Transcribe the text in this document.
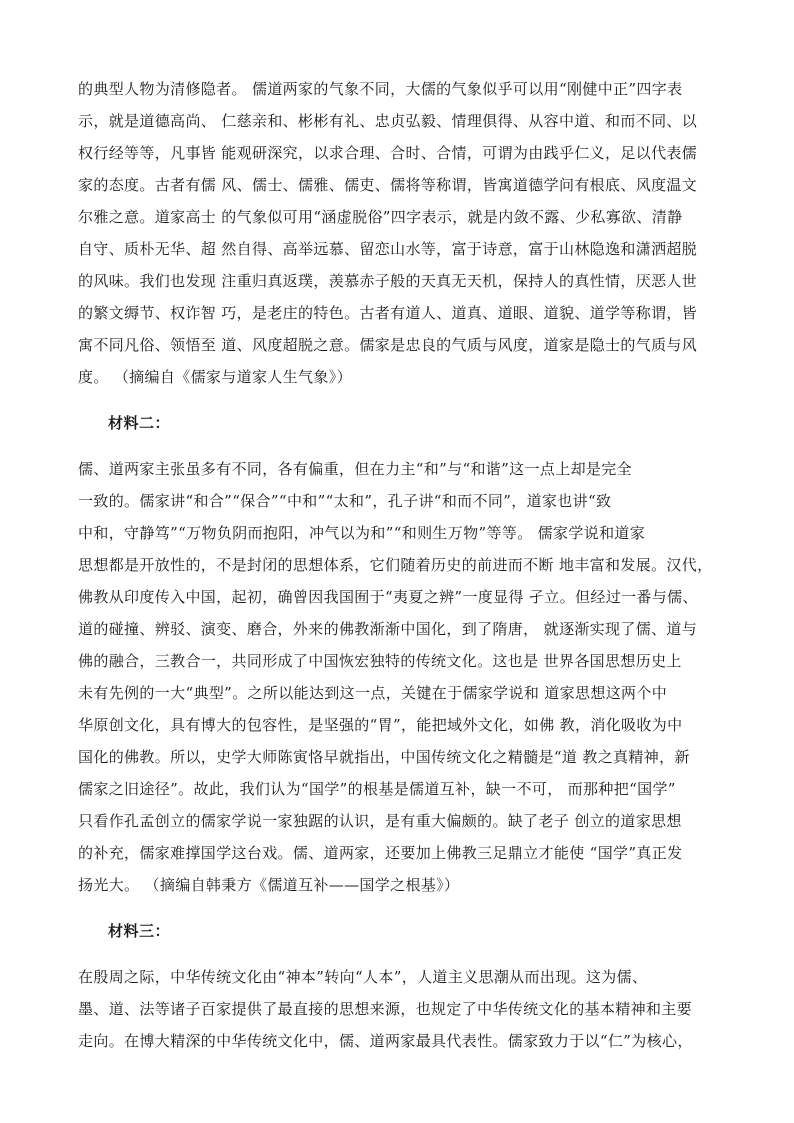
的典型人物为清修隐者。 儒道两家的气象不同，大儒的气象似乎可以用“刚健中正”四字表
示，就是道德高尚、 仁慈亲和、彬彬有礼、忠贞弘毅、情理俱得、从容中道、和而不同、以
权行经等等，凡事皆 能观研深究，以求合理、合时、合情，可谓为由践乎仁义，足以代表儒
家的态度。古者有儒 风、儒士、儒雅、儒吏、儒将等称谓，皆寓道德学问有根底、风度温文
尔雅之意。道家高士 的气象似可用“涵虚脱俗”四字表示，就是内敛不露、少私寡欲、清静
自守、质朴无华、超 然自得、高举远慕、留恋山水等，富于诗意，富于山林隐逸和潇洒超脱
的风味。我们也发现 注重归真返璞，羡慕赤子般的天真无天机，保持人的真性情，厌恶人世
的繁文缛节、权诈智 巧，是老庄的特色。古者有道人、道真、道眼、道貌、道学等称谓，皆
寓不同凡俗、领悟至 道、风度超脱之意。儒家是忠良的气质与风度，道家是隐士的气质与风
度。 （摘编自《儒家与道家人生气象》）
材料二：
儒、道两家主张虽多有不同，各有偏重，但在力主“和”与“和谐”这一点上却是完全
一致的。儒家讲“和合”“保合”“中和”“太和”，孔子讲“和而不同”，道家也讲“致
中和，守静笃”“万物负阴而抱阳，冲气以为和”“和则生万物”等等。 儒家学说和道家
思想都是开放性的，不是封闭的思想体系，它们随着历史的前进而不断 地丰富和发展。汉代，
佛教从印度传入中国，起初，确曾因我国囿于“夷夏之辨”一度显得 孑立。但经过一番与儒、
道的碰撞、辨驳、演变、磨合，外来的佛教渐渐中国化，到了隋唐， 就逐渐实现了儒、道与
佛的融合，三教合一，共同形成了中国恢宏独特的传统文化。这也是 世界各国思想历史上
未有先例的一大“典型”。之所以能达到这一点，关键在于儒家学说和 道家思想这两个中
华原创文化，具有博大的包容性，是坚强的“胃”，能把域外文化，如佛 教，消化吸收为中
国化的佛教。所以，史学大师陈寅恪早就指出，中国传统文化之精髓是“道 教之真精神，新
儒家之旧途径”。故此，我们认为“国学”的根基是儒道互补，缺一不可， 而那种把“国学”
只看作孔孟创立的儒家学说一家独踞的认识，是有重大偏颇的。缺了老子 创立的道家思想
的补充，儒家难撑国学这台戏。儒、道两家，还要加上佛教三足鼎立才能使 “国学”真正发
扬光大。 （摘编自韩秉方《儒道互补——国学之根基》）
材料三：
在殷周之际，中华传统文化由“神本”转向“人本”，人道主义思潮从而出现。这为儒、
墨、道、法等诸子百家提供了最直接的思想来源，也规定了中华传统文化的基本精神和主要
走向。在博大精深的中华传统文化中，儒、道两家最具代表性。儒家致力于以“仁”为核心，
